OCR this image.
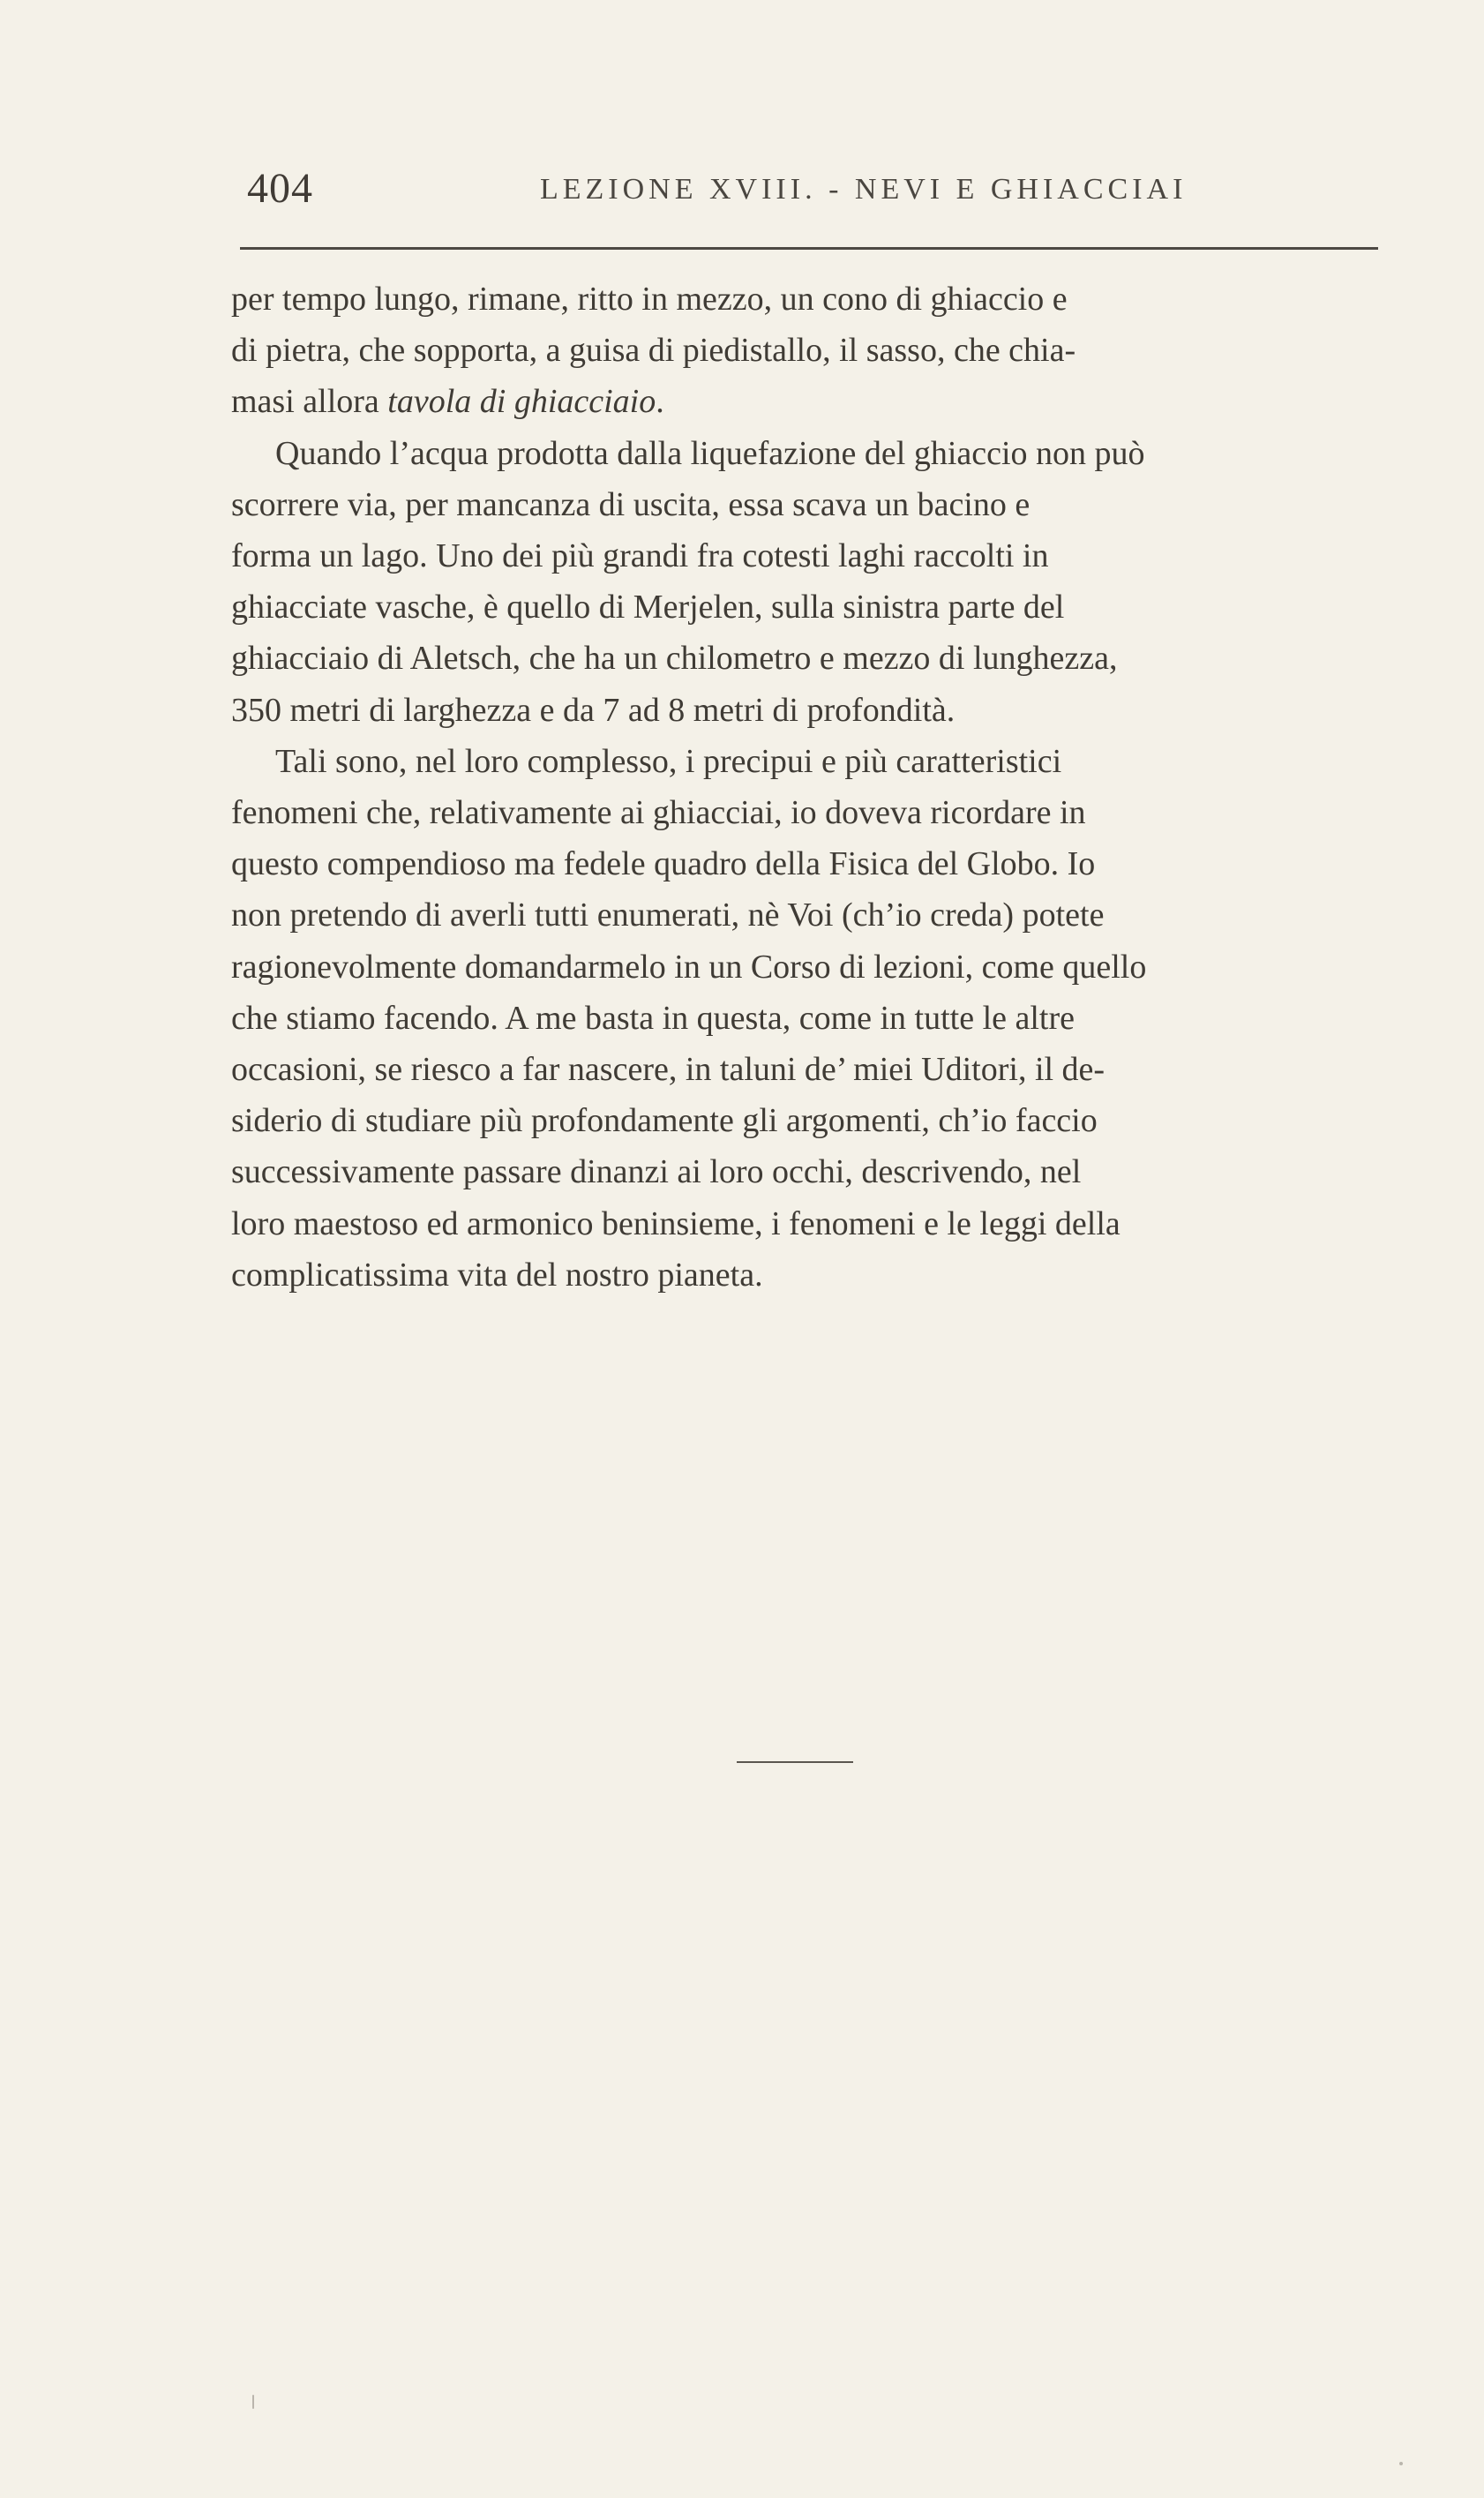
404	LEZIONE XVIII. - NEVI E GHIACCIAI
per tempo lungo, rimane, ritto in mezzo, un cono di ghiaccio e
di pietra, che sopporta, a guisa di piedistallo, il sasso, che chia-
masi allora tavola di ghiacciaio.
Quando l’acqua prodotta dalla liquefazione del ghiaccio non può
scorrere via, per mancanza di uscita, essa scava un bacino e
forma un lago. Uno dei più grandi fra cotesti laghi raccolti in
ghiacciate vasche, è quello di Merjelen, sulla sinistra parte del
ghiacciaio di Aletsch, che ha un chilometro e mezzo di lunghezza,
350 metri di larghezza e da 7 ad 8 metri di profondità.
Tali sono, nel loro complesso, i precipui e più caratteristici
fenomeni che, relativamente ai ghiacciai, io doveva ricordare in
questo compendioso ma fedele quadro della Fisica del Globo. Io
non pretendo di averli tutti enumerati, nè Voi (ch’io creda) potete
ragionevolmente domandarmelo in un Corso di lezioni, come quello
che stiamo facendo. A me basta in questa, come in tutte le altre
occasioni, se riesco a far nascere, in taluni de’ miei Uditori, il de-
siderio di studiare più profondamente gli argomenti, ch’io faccio
successivamente passare dinanzi ai loro occhi, descrivendo, nel
loro maestoso ed armonico beninsieme, i fenomeni e le leggi della
complicatissima vita del nostro pianeta.
